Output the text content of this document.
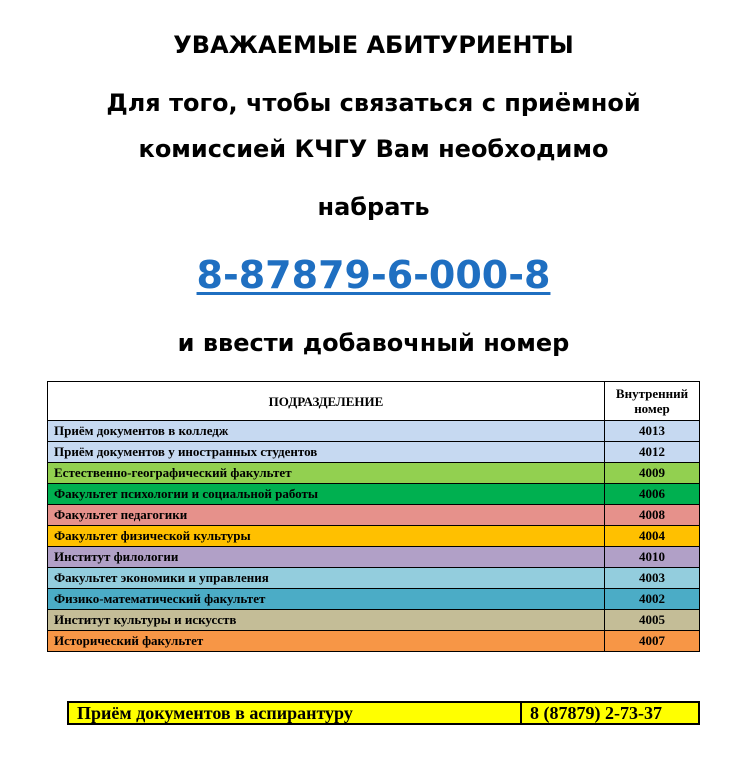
УВАЖАЕМЫЕ АБИТУРИЕНТЫ
Для того, чтобы связаться с приёмной
комиссией КЧГУ Вам необходимо
набрать
8-87879-6-000-8
и ввести добавочный номер
ПОДРАЗДЕЛЕНИЕ	Внутренний номер
Приём документов в колледж	4013
Приём документов у иностранных студентов	4012
Естественно-географический факультет	4009
Факультет психологии и социальной работы	4006
Факультет педагогики	4008
Факультет физической культуры	4004
Институт филологии	4010
Факультет экономики и управления	4003
Физико-математический факультет	4002
Институт культуры и искусств	4005
Исторический факультет	4007
Приём документов в аспирантуру	8 (87879) 2-73-37
